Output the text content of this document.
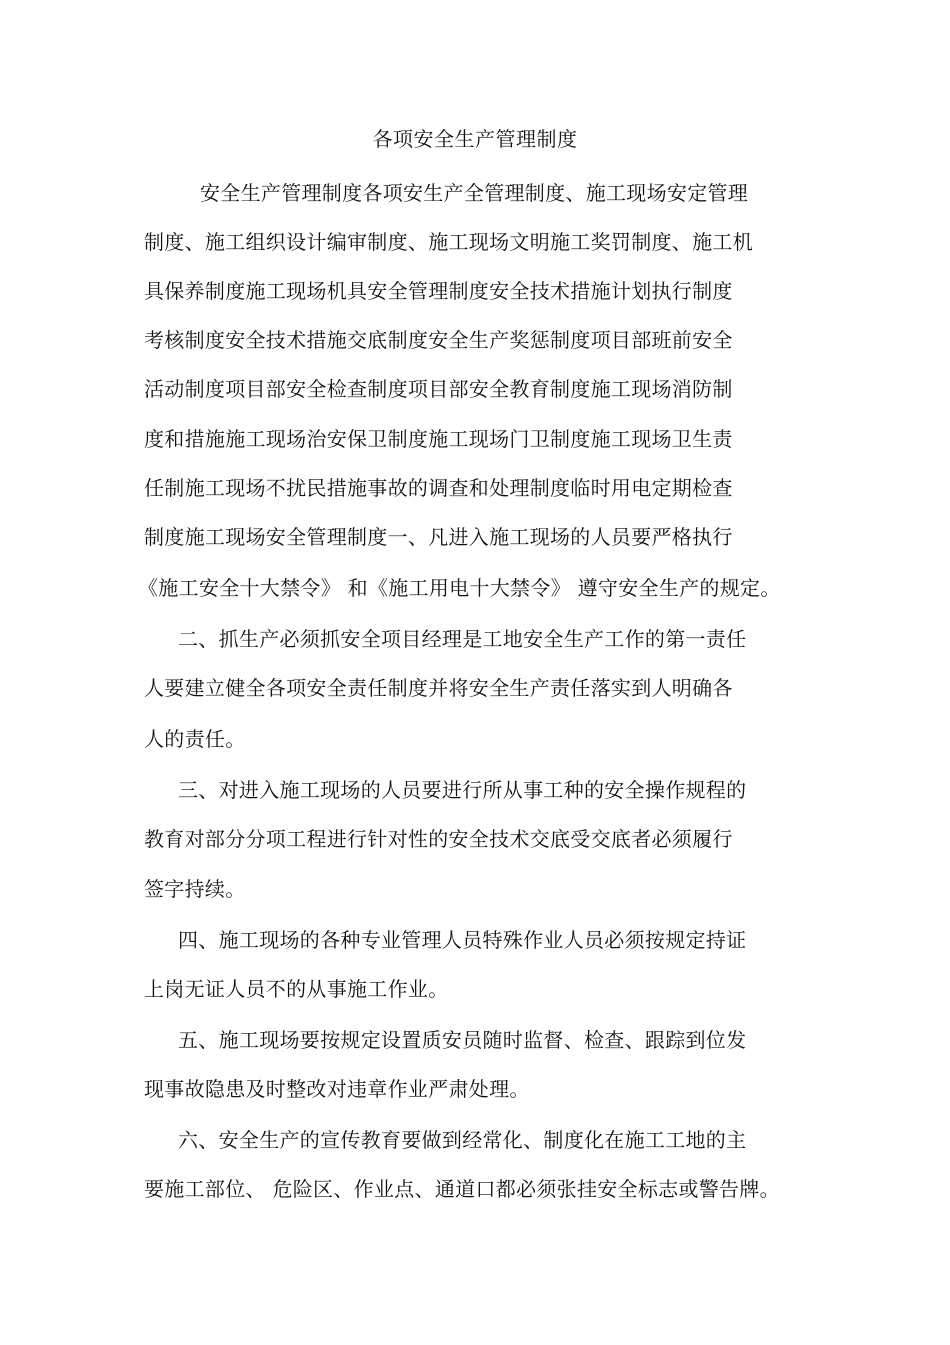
各项安全生产管理制度
安全生产管理制度各项安生产全管理制度、施工现场安定管理
制度、施工组织设计编审制度、施工现场文明施工奖罚制度、施工机
具保养制度施工现场机具安全管理制度安全技术措施计划执行制度
考核制度安全技术措施交底制度安全生产奖惩制度项目部班前安全
活动制度项目部安全检查制度项目部安全教育制度施工现场消防制
度和措施施工现场治安保卫制度施工现场门卫制度施工现场卫生责
任制施工现场不扰民措施事故的调查和处理制度临时用电定期检查
制度施工现场安全管理制度一、凡进入施工现场的人员要严格执行
《施工安全十大禁令》 和《施工用电十大禁令》 遵守安全生产的规定。
二、抓生产必须抓安全项目经理是工地安全生产工作的第一责任
人要建立健全各项安全责任制度并将安全生产责任落实到人明确各
人的责任。
三、对进入施工现场的人员要进行所从事工种的安全操作规程的
教育对部分分项工程进行针对性的安全技术交底受交底者必须履行
签字持续。
四、施工现场的各种专业管理人员特殊作业人员必须按规定持证
上岗无证人员不的从事施工作业。
五、施工现场要按规定设置质安员随时监督、检查、跟踪到位发
现事故隐患及时整改对违章作业严肃处理。
六、安全生产的宣传教育要做到经常化、制度化在施工工地的主
要施工部位、 危险区、作业点、通道口都必须张挂安全标志或警告牌。
